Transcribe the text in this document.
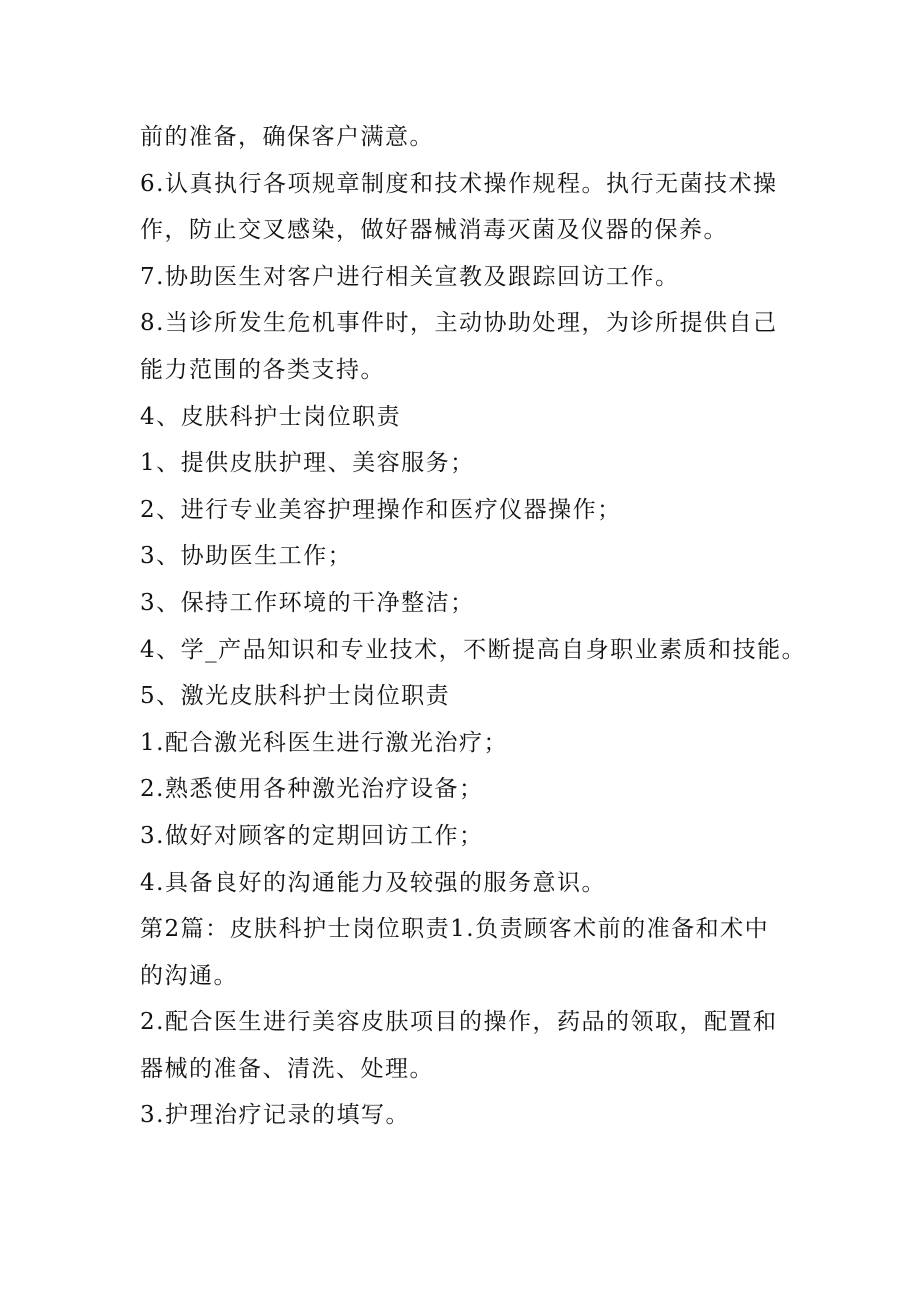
前的准备，确保客户满意。

6.认真执行各项规章制度和技术操作规程。执行无菌技术操

作，防止交叉感染，做好器械消毒灭菌及仪器的保养。

7.协助医生对客户进行相关宣教及跟踪回访工作。

8.当诊所发生危机事件时，主动协助处理，为诊所提供自己

能力范围的各类支持。

4、皮肤科护士岗位职责

1、提供皮肤护理、美容服务；

2、进行专业美容护理操作和医疗仪器操作；

3、协助医生工作；

3、保持工作环境的干净整洁；

4、学_产品知识和专业技术，不断提高自身职业素质和技能。

5、激光皮肤科护士岗位职责

1.配合激光科医生进行激光治疗；

2.熟悉使用各种激光治疗设备；

3.做好对顾客的定期回访工作；

4.具备良好的沟通能力及较强的服务意识。

第2篇：皮肤科护士岗位职责1.负责顾客术前的准备和术中

的沟通。

2.配合医生进行美容皮肤项目的操作，药品的领取，配置和

器械的准备、清洗、处理。

3.护理治疗记录的填写。
